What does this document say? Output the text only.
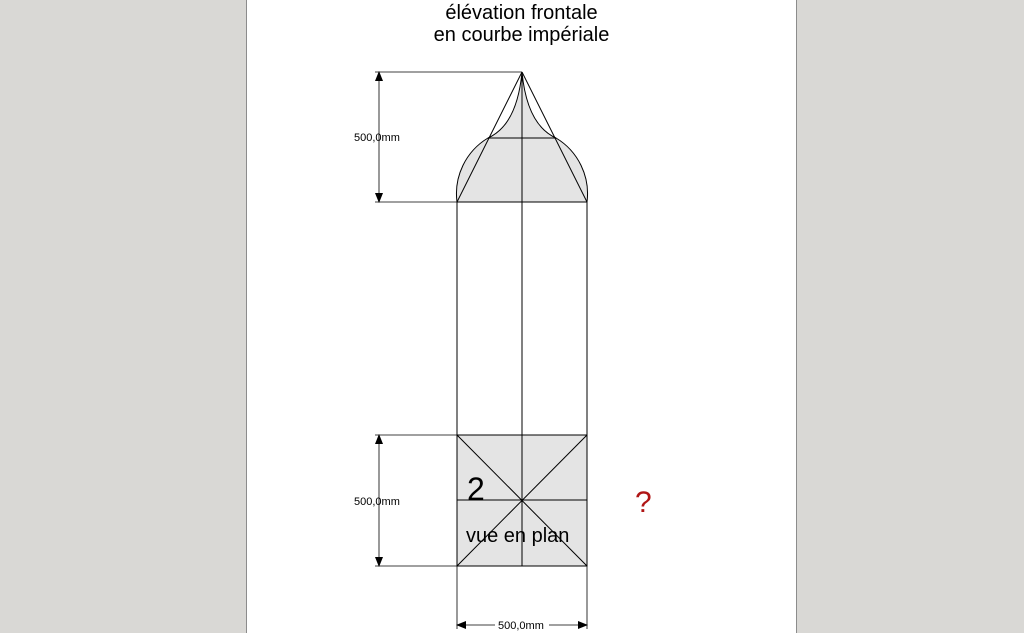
élévation frontale
en courbe impériale
2
vue en plan
500,0mm
500,0mm
500,0mm
?
